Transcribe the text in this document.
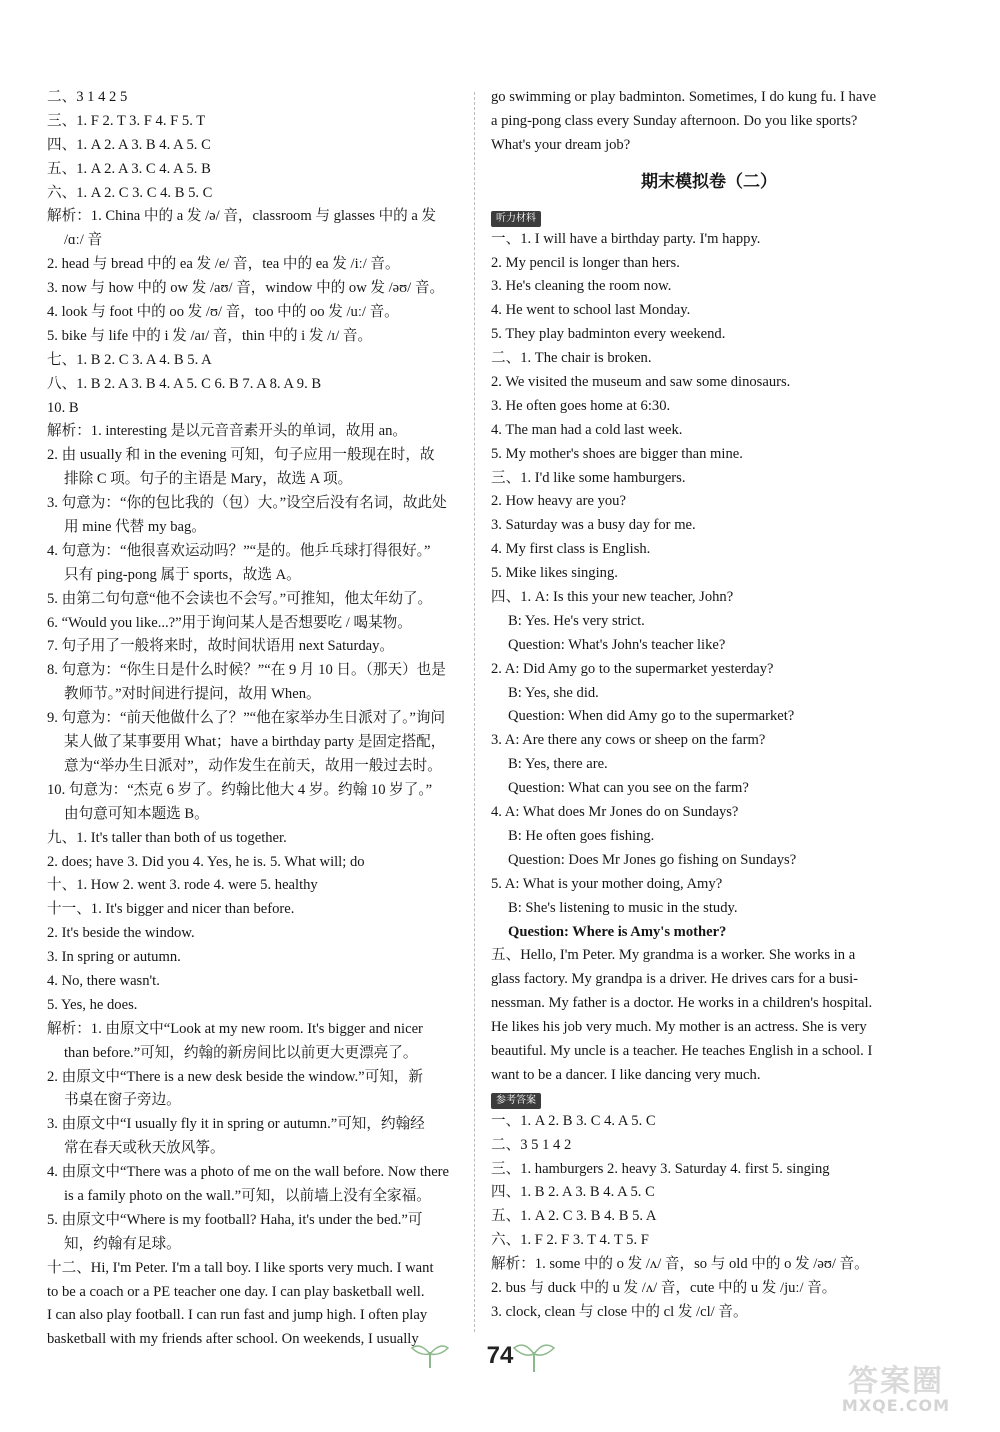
二、3 1 4 2 5
三、1. F 2. T 3. F 4. F 5. T
四、1. A 2. A 3. B 4. A 5. C
五、1. A 2. A 3. C 4. A 5. B
六、1. A 2. C 3. C 4. B 5. C
解析：1. China 中的 a 发 /ə/ 音，classroom 与 glasses 中的 a 发
/ɑː/ 音
2. head 与 bread 中的 ea 发 /e/ 音，tea 中的 ea 发 /iː/ 音。
3. now 与 how 中的 ow 发 /aʊ/ 音，window 中的 ow 发 /əʊ/ 音。
4. look 与 foot 中的 oo 发 /ʊ/ 音，too 中的 oo 发 /uː/ 音。
5. bike 与 life 中的 i 发 /aɪ/ 音，thin 中的 i 发 /ɪ/ 音。
七、1. B 2. C 3. A 4. B 5. A
八、1. B 2. A 3. B 4. A 5. C 6. B 7. A 8. A 9. B
10. B
解析：1. interesting 是以元音音素开头的单词，故用 an。
2. 由 usually 和 in the evening 可知，句子应用一般现在时，故
排除 C 项。句子的主语是 Mary，故选 A 项。
3. 句意为：“你的包比我的（包）大。”设空后没有名词，故此处
用 mine 代替 my bag。
4. 句意为：“他很喜欢运动吗？”“是的。他乒乓球打得很好。”
只有 ping-pong 属于 sports，故选 A。
5. 由第二句句意“他不会读也不会写。”可推知，他太年幼了。
6. “Would you like...?”用于询问某人是否想要吃 / 喝某物。
7. 句子用了一般将来时，故时间状语用 next Saturday。
8. 句意为：“你生日是什么时候？”“在 9 月 10 日。（那天）也是
教师节。”对时间进行提问，故用 When。
9. 句意为：“前天他做什么了？”“他在家举办生日派对了。”询问
某人做了某事要用 What；have a birthday party 是固定搭配，
意为“举办生日派对”，动作发生在前天，故用一般过去时。
10. 句意为：“杰克 6 岁了。约翰比他大 4 岁。约翰 10 岁了。”
由句意可知本题选 B。
九、1. It's taller than both of us together.
2. does; have 3. Did you 4. Yes, he is. 5. What will; do
十、1. How 2. went 3. rode 4. were 5. healthy
十一、1. It's bigger and nicer than before.
2. It's beside the window.
3. In spring or autumn.
4. No, there wasn't.
5. Yes, he does.
解析：1. 由原文中“Look at my new room. It's bigger and nicer
than before.”可知，约翰的新房间比以前更大更漂亮了。
2. 由原文中“There is a new desk beside the window.”可知，新
书桌在窗子旁边。
3. 由原文中“I usually fly it in spring or autumn.”可知，约翰经
常在春天或秋天放风筝。
4. 由原文中“There was a photo of me on the wall before. Now there
is a family photo on the wall.”可知，以前墙上没有全家福。
5. 由原文中“Where is my football? Haha, it's under the bed.”可
知，约翰有足球。
十二、Hi, I'm Peter. I'm a tall boy. I like sports very much. I want
to be a coach or a PE teacher one day. I can play basketball well.
I can also play football. I can run fast and jump high. I often play
basketball with my friends after school. On weekends, I usually
go swimming or play badminton. Sometimes, I do kung fu. I have
a ping-pong class every Sunday afternoon. Do you like sports?
What's your dream job?
期末模拟卷（二）
听力材料
一、1. I will have a birthday party. I'm happy.
2. My pencil is longer than hers.
3. He's cleaning the room now.
4. He went to school last Monday.
5. They play badminton every weekend.
二、1. The chair is broken.
2. We visited the museum and saw some dinosaurs.
3. He often goes home at 6:30.
4. The man had a cold last week.
5. My mother's shoes are bigger than mine.
三、1. I'd like some hamburgers.
2. How heavy are you?
3. Saturday was a busy day for me.
4. My first class is English.
5. Mike likes singing.
四、1. A: Is this your new teacher, John?
B: Yes. He's very strict.
Question: What's John's teacher like?
2. A: Did Amy go to the supermarket yesterday?
B: Yes, she did.
Question: When did Amy go to the supermarket?
3. A: Are there any cows or sheep on the farm?
B: Yes, there are.
Question: What can you see on the farm?
4. A: What does Mr Jones do on Sundays?
B: He often goes fishing.
Question: Does Mr Jones go fishing on Sundays?
5. A: What is your mother doing, Amy?
B: She's listening to music in the study.
Question: Where is Amy's mother?
五、Hello, I'm Peter. My grandma is a worker. She works in a
glass factory. My grandpa is a driver. He drives cars for a busi-
nessman. My father is a doctor. He works in a children's hospital.
He likes his job very much. My mother is an actress. She is very
beautiful. My uncle is a teacher. He teaches English in a school. I
want to be a dancer. I like dancing very much.
参考答案
一、1. A 2. B 3. C 4. A 5. C
二、3 5 1 4 2
三、1. hamburgers 2. heavy 3. Saturday 4. first 5. singing
四、1. B 2. A 3. B 4. A 5. C
五、1. A 2. C 3. B 4. B 5. A
六、1. F 2. F 3. T 4. T 5. F
解析：1. some 中的 o 发 /ʌ/ 音，so 与 old 中的 o 发 /əʊ/ 音。
2. bus 与 duck 中的 u 发 /ʌ/ 音，cute 中的 u 发 /juː/ 音。
3. clock, clean 与 close 中的 cl 发 /cl/ 音。
74
答案圈
MXQE.COM
